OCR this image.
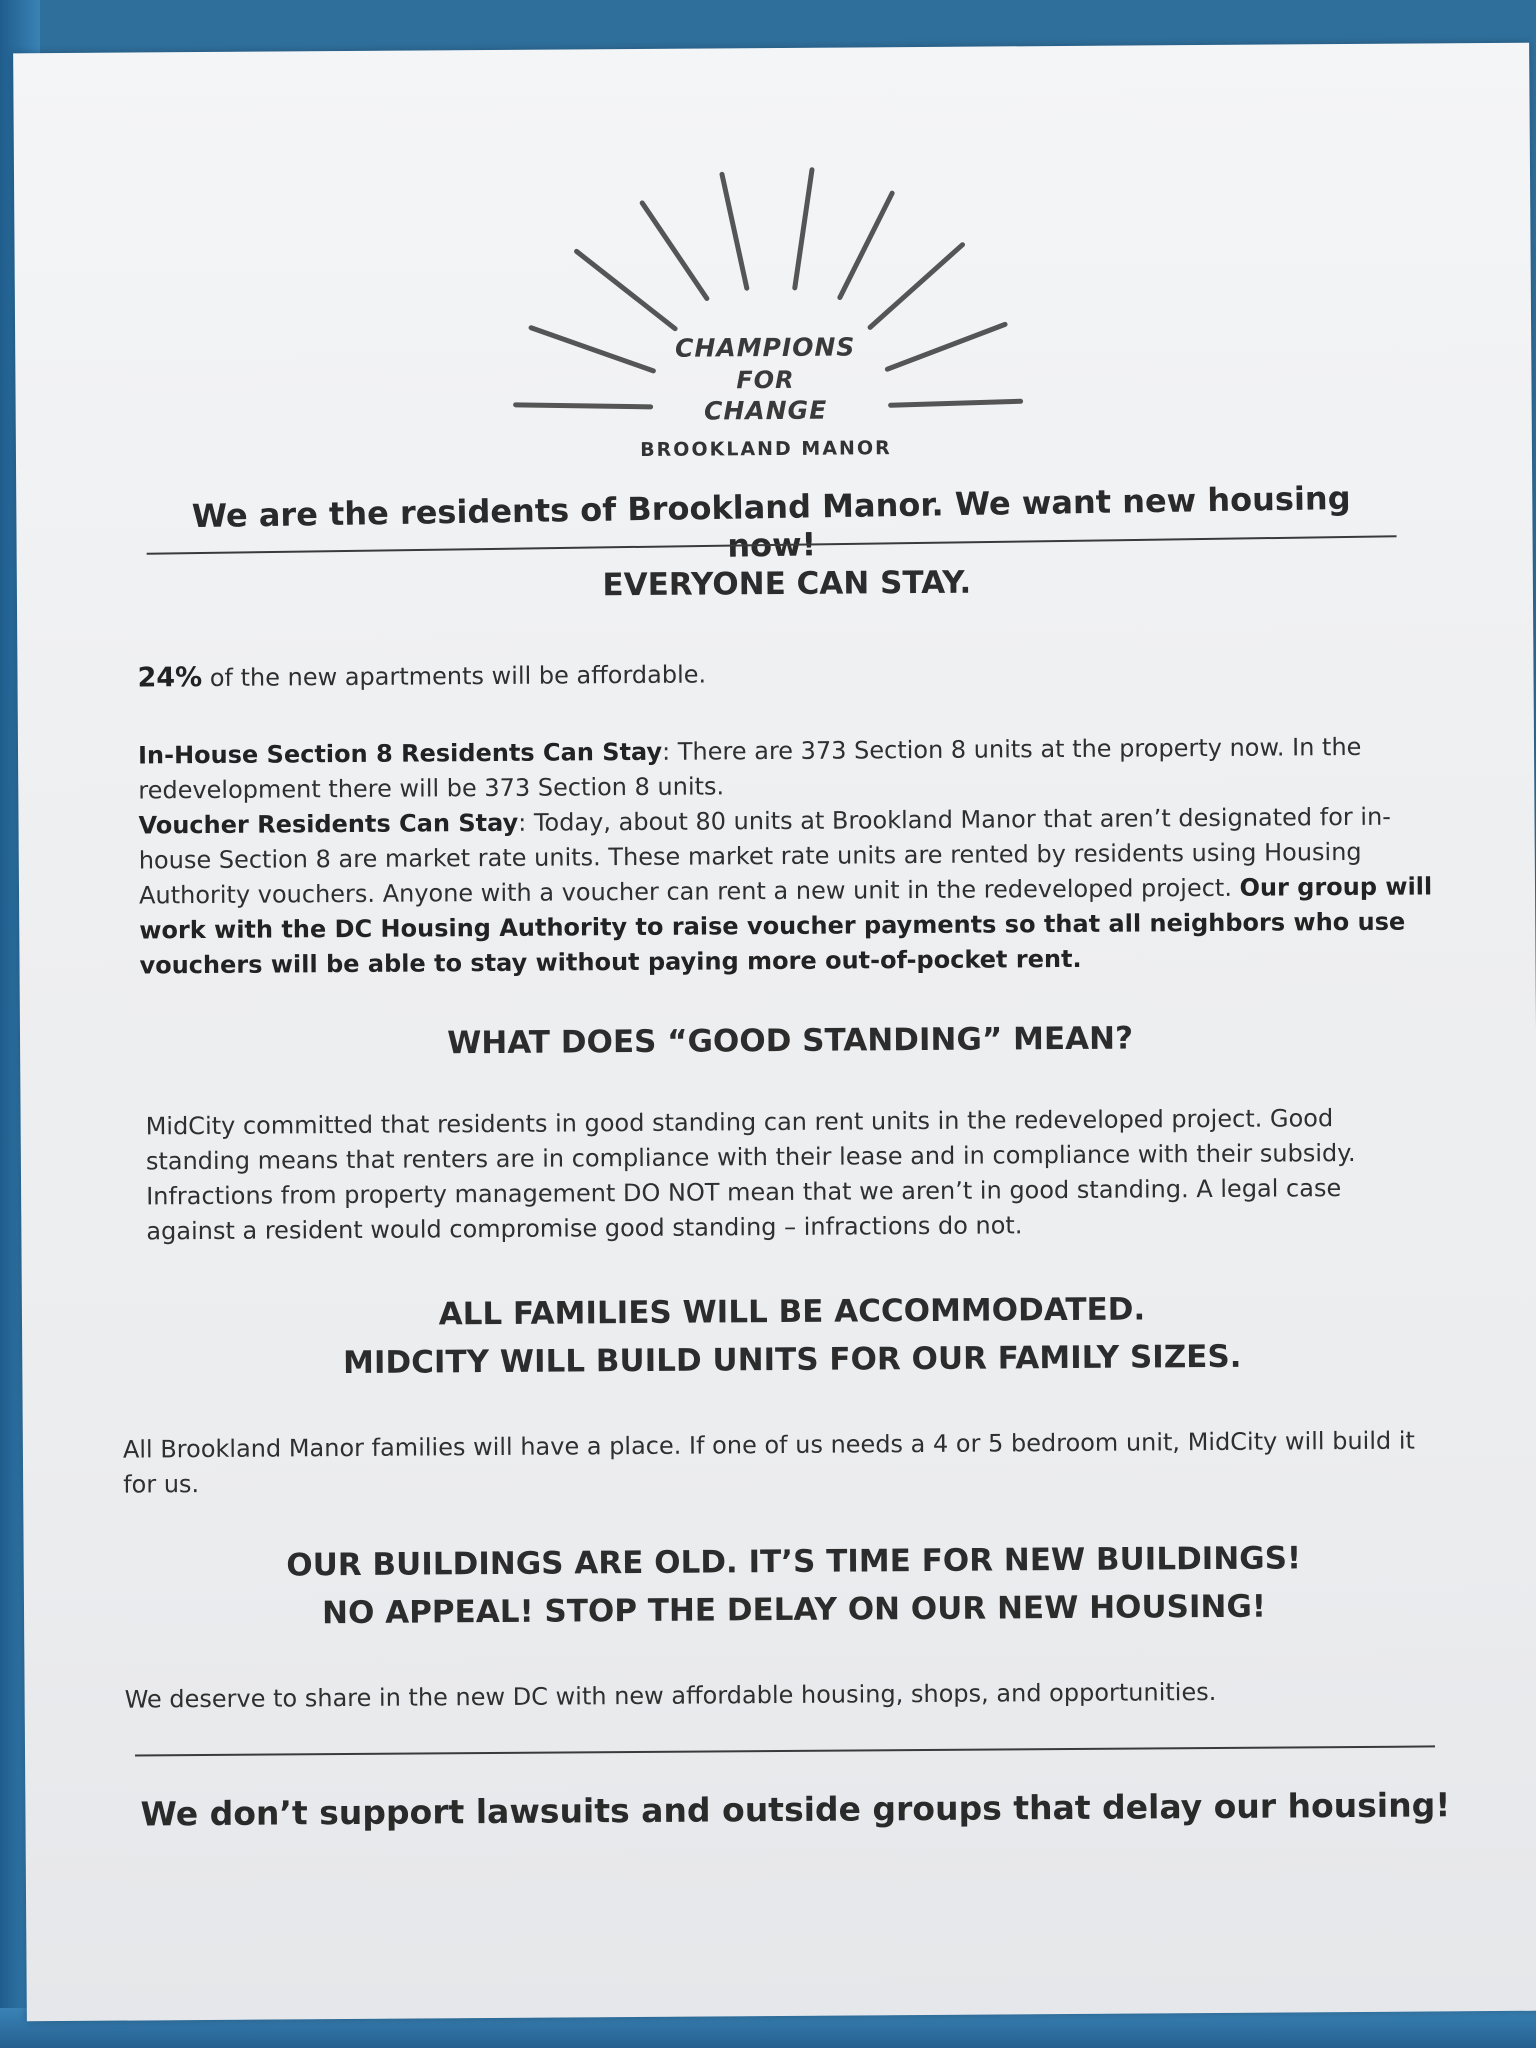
CHAMPIONS
FOR
CHANGE
BROOKLAND MANOR
We are the residents of Brookland Manor. We want new housing
EVERYONE CAN STAY.
24% of the new apartments will be affordable.
In-House Section 8 Residents Can Stay: There are 373 Section 8 units at the property now. In the redevelopment there will be 373 Section 8 units.
Voucher Residents Can Stay: Today, about 80 units at Brookland Manor that aren’t designated for in-house Section 8 are market rate units. These market rate units are rented by residents using Housing Authority vouchers. Anyone with a voucher can rent a new unit in the redeveloped project. Our group will work with the DC Housing Authority to raise voucher payments so that all neighbors who use vouchers will be able to stay without paying more out-of-pocket rent.
WHAT DOES “GOOD STANDING” MEAN?
MidCity committed that residents in good standing can rent units in the redeveloped project. Good standing means that renters are in compliance with their lease and in compliance with their subsidy. Infractions from property management DO NOT mean that we aren’t in good standing. A legal case against a resident would compromise good standing – infractions do not.
ALL FAMILIES WILL BE ACCOMMODATED.
MIDCITY WILL BUILD UNITS FOR OUR FAMILY SIZES.
All Brookland Manor families will have a place. If one of us needs a 4 or 5 bedroom unit, MidCity will build it for us.
OUR BUILDINGS ARE OLD. IT’S TIME FOR NEW BUILDINGS!
NO APPEAL! STOP THE DELAY ON OUR NEW HOUSING!
We deserve to share in the new DC with new affordable housing, shops, and opportunities.
We don’t support lawsuits and outside groups that delay our housing!
